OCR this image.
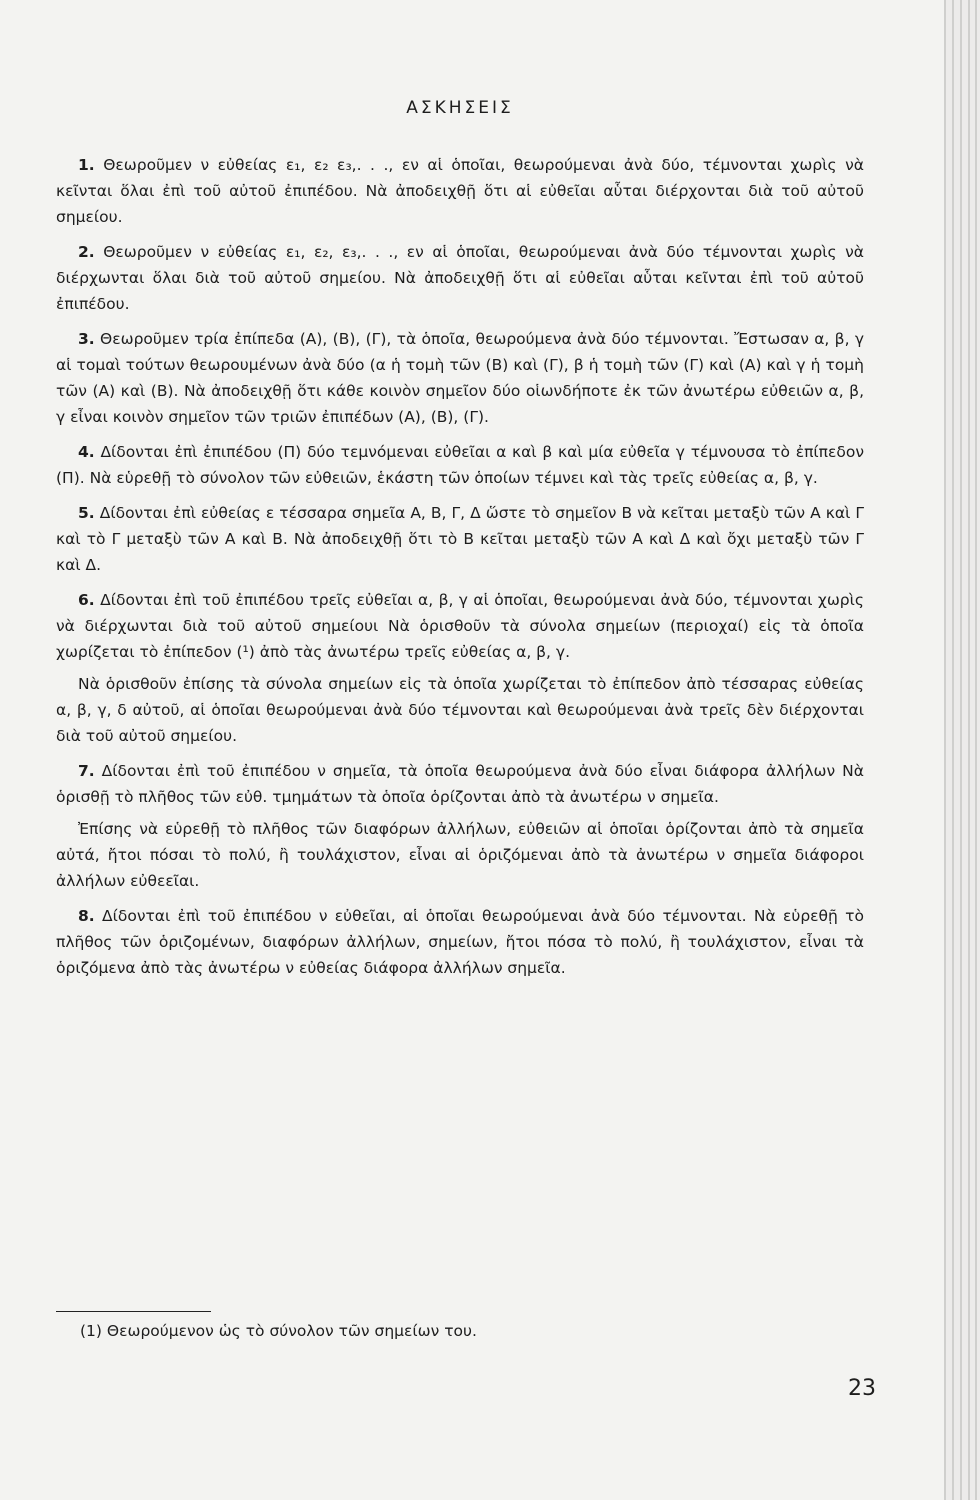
ΑΣΚΗΣΕΙΣ

1. Θεωροῦμεν ν εὐθείας ε₁, ε₂ ε₃,. . ., εν αἱ ὁποῖαι, θεωρούμεναι ἀνὰ δύο, τέμνονται χωρὶς νὰ κεῖνται ὅλαι ἐπὶ τοῦ αὐτοῦ ἐπιπέδου. Νὰ ἀποδειχθῇ ὅτι αἱ εὐθεῖαι αὗται διέρχονται διὰ τοῦ αὐτοῦ σημείου.

2. Θεωροῦμεν ν εὐθείας ε₁, ε₂, ε₃,. . ., εν αἱ ὁποῖαι, θεωρούμεναι ἀνὰ δύο τέμνονται χωρὶς νὰ διέρχωνται ὅλαι διὰ τοῦ αὐτοῦ σημείου. Νὰ ἀποδειχθῇ ὅτι αἱ εὐθεῖαι αὗται κεῖνται ἐπὶ τοῦ αὐτοῦ ἐπιπέδου.

3. Θεωροῦμεν τρία ἐπίπεδα (Α), (Β), (Γ), τὰ ὁποῖα, θεωρούμενα ἀνὰ δύο τέμνονται. Ἔστωσαν α, β, γ αἱ τομαὶ τούτων θεωρουμένων ἀνὰ δύο (α ἡ τομὴ τῶν (Β) καὶ (Γ), β ἡ τομὴ τῶν (Γ) καὶ (Α) καὶ γ ἡ τομὴ τῶν (Α) καὶ (Β). Νὰ ἀποδειχθῇ ὅτι κάθε κοινὸν σημεῖον δύο οἱωνδήποτε ἐκ τῶν ἀνωτέρω εὐθειῶν α, β, γ εἶναι κοινὸν σημεῖον τῶν τριῶν ἐπιπέδων (Α), (Β), (Γ).

4. Δίδονται ἐπὶ ἐπιπέδου (Π) δύο τεμνόμεναι εὐθεῖαι α καὶ β καὶ μία εὐθεῖα γ τέμνουσα τὸ ἐπίπεδον (Π). Νὰ εὑρεθῇ τὸ σύνολον τῶν εὐθειῶν, ἑκάστη τῶν ὁποίων τέμνει καὶ τὰς τρεῖς εὐθείας α, β, γ.

5. Δίδονται ἐπὶ εὐθείας ε τέσσαρα σημεῖα Α, Β, Γ, Δ ὥστε τὸ σημεῖον Β νὰ κεῖται μεταξὺ τῶν Α καὶ Γ καὶ τὸ Γ μεταξὺ τῶν Α καὶ Β. Νὰ ἀποδειχθῇ ὅτι τὸ Β κεῖται μεταξὺ τῶν Α καὶ Δ καὶ ὄχι μεταξὺ τῶν Γ καὶ Δ.

6. Δίδονται ἐπὶ τοῦ ἐπιπέδου τρεῖς εὐθεῖαι α, β, γ αἱ ὁποῖαι, θεωρούμεναι ἀνὰ δύο, τέμνονται χωρὶς νὰ διέρχωνται διὰ τοῦ αὐτοῦ σημείουι Νὰ ὁρισθοῦν τὰ σύνολα σημείων (περιοχαί) εἰς τὰ ὁποῖα χωρίζεται τὸ ἐπίπεδον (¹) ἀπὸ τὰς ἀνωτέρω τρεῖς εὐθείας α, β, γ.

Νὰ ὁρισθοῦν ἐπίσης τὰ σύνολα σημείων εἰς τὰ ὁποῖα χωρίζεται τὸ ἐπίπεδον ἀπὸ τέσσαρας εὐθείας α, β, γ, δ αὐτοῦ, αἱ ὁποῖαι θεωρούμεναι ἀνὰ δύο τέμνονται καὶ θεωρούμεναι ἀνὰ τρεῖς δὲν διέρχονται διὰ τοῦ αὐτοῦ σημείου.

7. Δίδονται ἐπὶ τοῦ ἐπιπέδου ν σημεῖα, τὰ ὁποῖα θεωρούμενα ἀνὰ δύο εἶναι διάφορα ἀλλήλων Νὰ ὁρισθῇ τὸ πλῆθος τῶν εὐθ. τμημάτων τὰ ὁποῖα ὁρίζονται ἀπὸ τὰ ἀνωτέρω ν σημεῖα.

Ἐπίσης νὰ εὑρεθῇ τὸ πλῆθος τῶν διαφόρων ἀλλήλων, εὐθειῶν αἱ ὁποῖαι ὁρίζονται ἀπὸ τὰ σημεῖα αὐτά, ἤτοι πόσαι τὸ πολύ, ἢ τουλάχιστον, εἶναι αἱ ὁριζόμεναι ἀπὸ τὰ ἀνωτέρω ν σημεῖα διάφοροι ἀλλήλων εὐθεεῖαι.

8. Δίδονται ἐπὶ τοῦ ἐπιπέδου ν εὐθεῖαι, αἱ ὁποῖαι θεωρούμεναι ἀνὰ δύο τέμνονται. Νὰ εὑρεθῇ τὸ πλῆθος τῶν ὁριζομένων, διαφόρων ἀλλήλων, σημείων, ἤτοι πόσα τὸ πολύ, ἢ τουλάχιστον, εἶναι τὰ ὁριζόμενα ἀπὸ τὰς ἀνωτέρω ν εὐθείας διάφορα ἀλλήλων σημεῖα.

(1) Θεωρούμενον ὡς τὸ σύνολον τῶν σημείων του.
23
